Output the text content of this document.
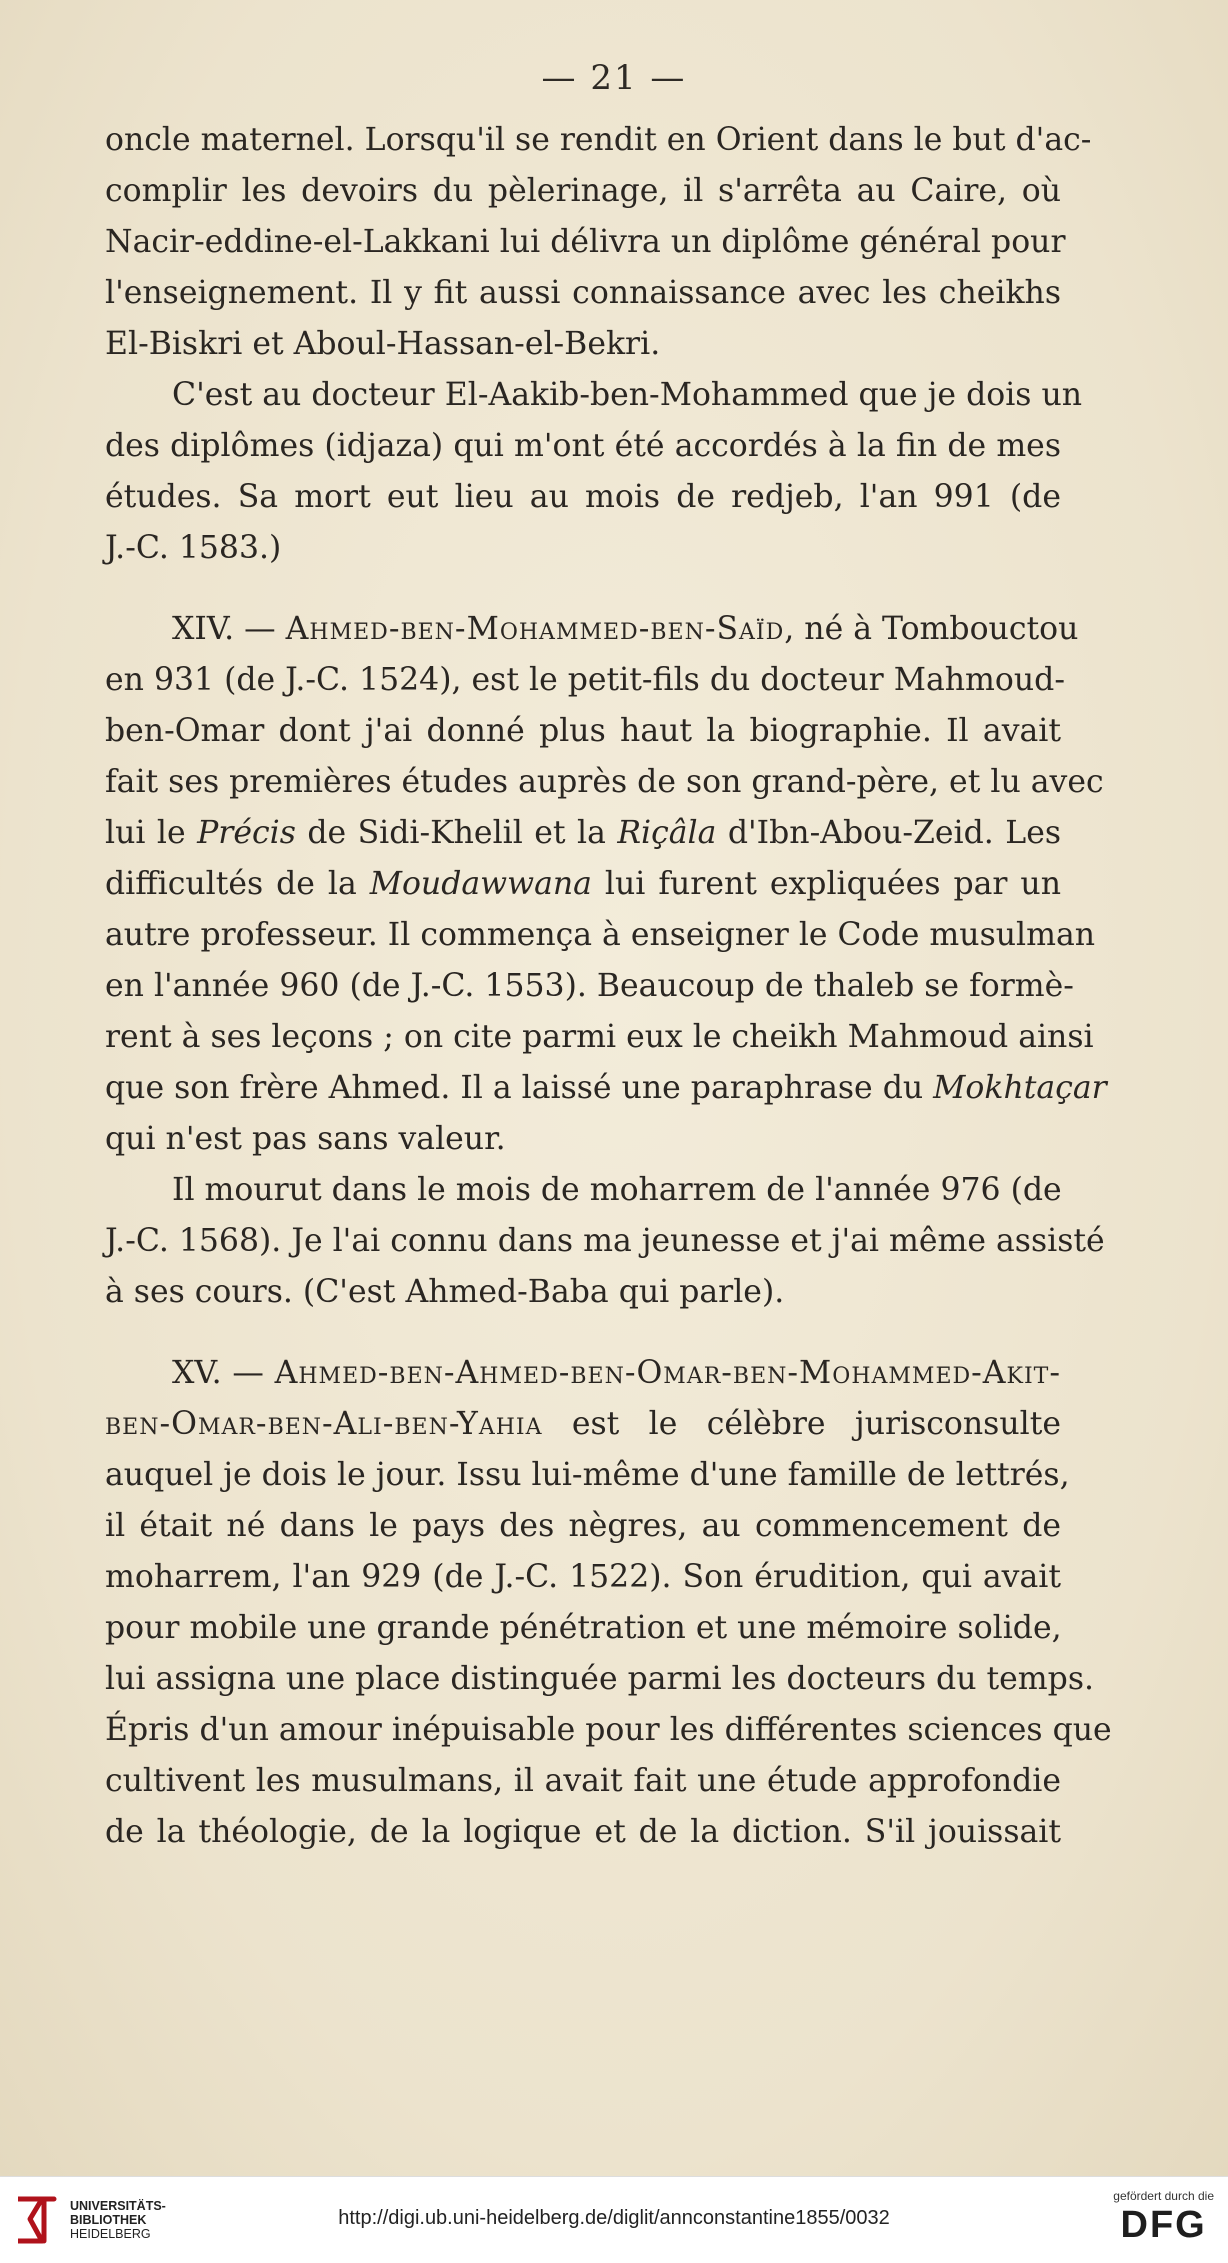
— 21 —
oncle maternel. Lorsqu'il se rendit en Orient dans le but d'ac-
complir les devoirs du pèlerinage, il s'arrêta au Caire, où
Nacir-eddine-el-Lakkani lui délivra un diplôme général pour
l'enseignement. Il y fit aussi connaissance avec les cheikhs
El-Biskri et Aboul-Hassan-el-Bekri.
C'est au docteur El-Aakib-ben-Mohammed que je dois un
des diplômes (idjaza) qui m'ont été accordés à la fin de mes
études. Sa mort eut lieu au mois de redjeb, l'an 991 (de
J.-C. 1583.)
XIV. — Ahmed-ben-Mohammed-ben-Saïd, né à Tombouctou
en 931 (de J.-C. 1524), est le petit-fils du docteur Mahmoud-
ben-Omar dont j'ai donné plus haut la biographie. Il avait
fait ses premières études auprès de son grand-père, et lu avec
lui le Précis de Sidi-Khelil et la Riçâla d'Ibn-Abou-Zeid. Les
difficultés de la Moudawwana lui furent expliquées par un
autre professeur. Il commença à enseigner le Code musulman
en l'année 960 (de J.-C. 1553). Beaucoup de thaleb se formè-
rent à ses leçons ; on cite parmi eux le cheikh Mahmoud ainsi
que son frère Ahmed. Il a laissé une paraphrase du Mokhtaçar
qui n'est pas sans valeur.
Il mourut dans le mois de moharrem de l'année 976 (de
J.-C. 1568). Je l'ai connu dans ma jeunesse et j'ai même assisté
à ses cours. (C'est Ahmed-Baba qui parle).
XV. — Ahmed-ben-Ahmed-ben-Omar-ben-Mohammed-Akit-
ben-Omar-ben-Ali-ben-Yahia est le célèbre jurisconsulte
auquel je dois le jour. Issu lui-même d'une famille de lettrés,
il était né dans le pays des nègres, au commencement de
moharrem, l'an 929 (de J.-C. 1522). Son érudition, qui avait
pour mobile une grande pénétration et une mémoire solide,
lui assigna une place distinguée parmi les docteurs du temps.
Épris d'un amour inépuisable pour les différentes sciences que
cultivent les musulmans, il avait fait une étude approfondie
de la théologie, de la logique et de la diction. S'il jouissait
UNIVERSITÄTS-
BIBLIOTHEK
HEIDELBERG
http://digi.ub.uni-heidelberg.de/diglit/annconstantine1855/0032
gefördert durch die
DFG
